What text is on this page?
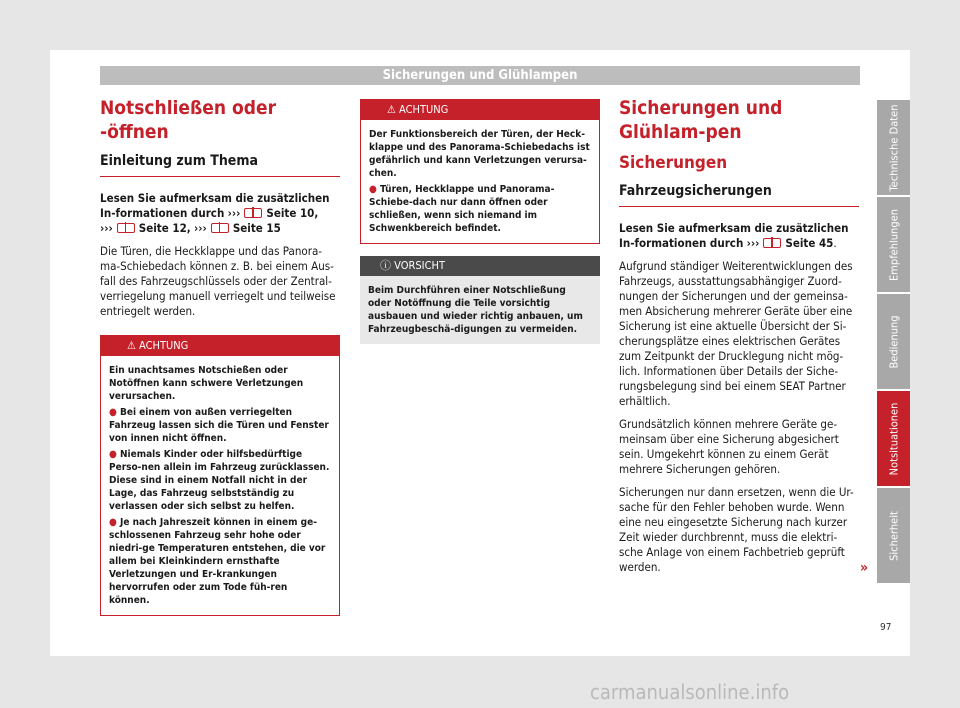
Sicherungen und Glühlampen
Notschließen oder -öffnen
Einleitung zum Thema
Lesen Sie aufmerksam die zusätzlichen In-formationen durch ››› Seite 10,
››› Seite 12, ››› Seite 15
Die Türen, die Heckklappe und das Panora-ma-Schiebedach können z. B. bei einem Aus-fall des Fahrzeugschlüssels oder der Zentral-verriegelung manuell verriegelt und teilweise entriegelt werden.
⚠ ACHTUNG
Ein unachtsames Notschießen oder Notöffnen kann schwere Verletzungen verursachen.
● Bei einem von außen verriegelten Fahrzeug lassen sich die Türen und Fenster von innen nicht öffnen.
● Niemals Kinder oder hilfsbedürftige Perso-nen allein im Fahrzeug zurücklassen. Diese sind in einem Notfall nicht in der Lage, das Fahrzeug selbstständig zu verlassen oder sich selbst zu helfen.
● Je nach Jahreszeit können in einem ge-schlossenen Fahrzeug sehr hohe oder niedri-ge Temperaturen entstehen, die vor allem bei Kleinkindern ernsthafte Verletzungen und Er-krankungen hervorrufen oder zum Tode füh-ren können.
⚠ ACHTUNG
Der Funktionsbereich der Türen, der Heck-klappe und des Panorama-Schiebedachs ist gefährlich und kann Verletzungen verursa-chen.
● Türen, Heckklappe und Panorama-Schiebe-dach nur dann öffnen oder schließen, wenn sich niemand im Schwenkbereich befindet.
ⓘ VORSICHT
Beim Durchführen einer Notschließung oder Notöffnung die Teile vorsichtig ausbauen und wieder richtig anbauen, um Fahrzeugbeschä-digungen zu vermeiden.
Sicherungen und Glühlam-pen
Sicherungen
Fahrzeugsicherungen
Lesen Sie aufmerksam die zusätzlichen In-formationen durch ››› Seite 45.
Aufgrund ständiger Weiterentwicklungen des Fahrzeugs, ausstattungsabhängiger Zuord-nungen der Sicherungen und der gemeinsa-men Absicherung mehrerer Geräte über eine Sicherung ist eine aktuelle Übersicht der Si-cherungsplätze eines elektrischen Gerätes zum Zeitpunkt der Drucklegung nicht mög-lich. Informationen über Details der Siche-rungsbelegung sind bei einem SEAT Partner erhältlich.
Grundsätzlich können mehrere Geräte ge-meinsam über eine Sicherung abgesichert sein. Umgekehrt können zu einem Gerät mehrere Sicherungen gehören.
Sicherungen nur dann ersetzen, wenn die Ur-sache für den Fehler behoben wurde. Wenn eine neu eingesetzte Sicherung nach kurzer Zeit wieder durchbrennt, muss die elektri-sche Anlage von einem Fachbetrieb geprüft werden.	»
Technische Daten
Empfehlungen
Bedienung
Notsituationen
Sicherheit
97
carmanualsonline.info
